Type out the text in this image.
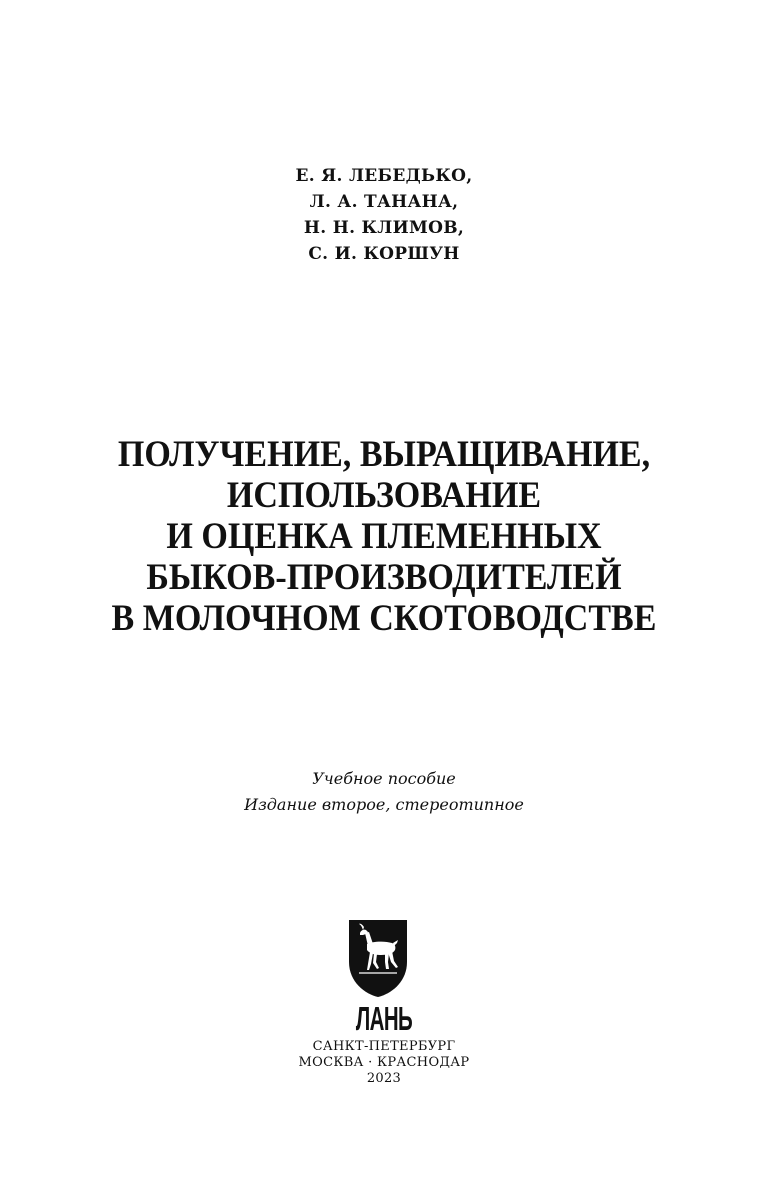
Е. Я. ЛЕБЕДЬКО,
Л. А. ТАНАНА,
Н. Н. КЛИМОВ,
С. И. КОРШУН
ПОЛУЧЕНИЕ, ВЫРАЩИВАНИЕ,
ИСПОЛЬЗОВАНИЕ
И ОЦЕНКА ПЛЕМЕННЫХ
БЫКОВ-ПРОИЗВОДИТЕЛЕЙ
В МОЛОЧНОМ СКОТОВОДСТВЕ
Учебное пособие
Издание второе, стереотипное
ЛАНЬ
САНКТ-ПЕТЕРБУРГ
МОСКВА · КРАСНОДАР
2023
